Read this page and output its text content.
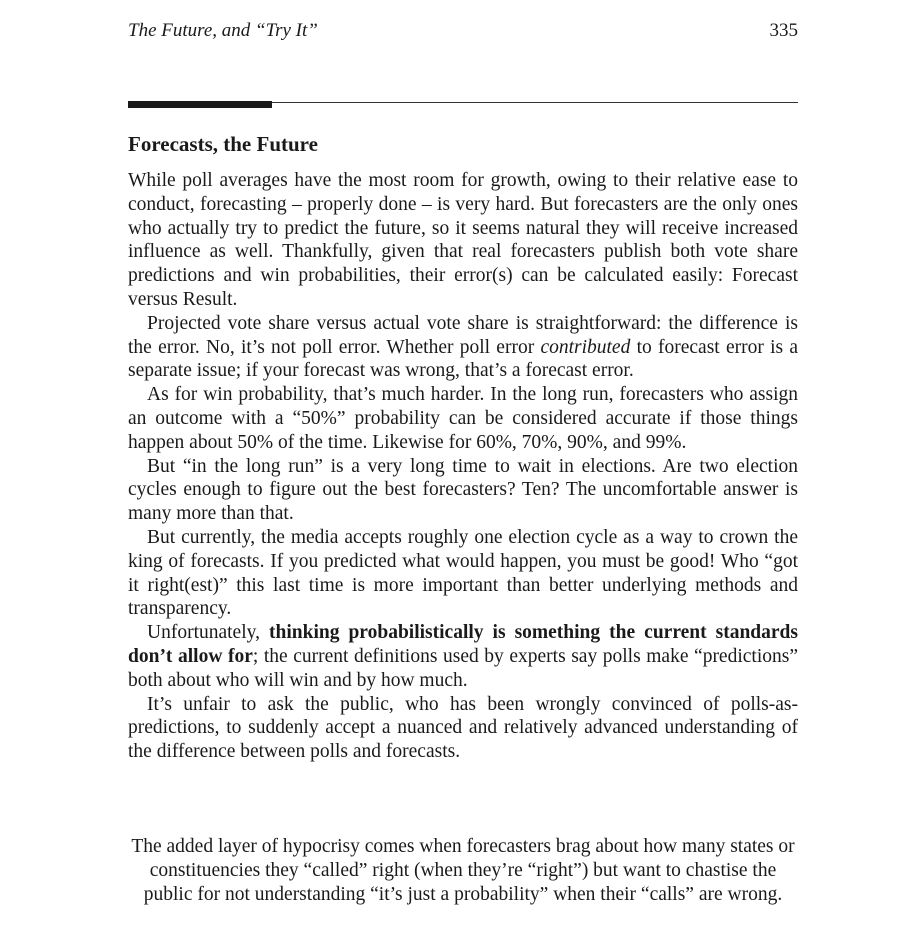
The Future, and “Try It”	335
Forecasts, the Future

While poll averages have the most room for growth, owing to their relative ease to conduct, forecasting – properly done – is very hard. But forecasters are the only ones who actually try to predict the future, so it seems natural they will receive increased influence as well. Thankfully, given that real forecasters publish both vote share predictions and win probabilities, their error(s) can be calculated easily: Forecast versus Result.

Projected vote share versus actual vote share is straightforward: the difference is the error. No, it’s not poll error. Whether poll error contributed to forecast error is a separate issue; if your forecast was wrong, that’s a forecast error.

As for win probability, that’s much harder. In the long run, forecasters who assign an outcome with a “50%” probability can be considered accurate if those things happen about 50% of the time. Likewise for 60%, 70%, 90%, and 99%.

But “in the long run” is a very long time to wait in elections. Are two election cycles enough to figure out the best forecasters? Ten? The uncomfortable answer is many more than that.

But currently, the media accepts roughly one election cycle as a way to crown the king of forecasts. If you predicted what would happen, you must be good! Who “got it right(est)” this last time is more important than better underlying methods and transparency.

Unfortunately, thinking probabilistically is something the current standards don’t allow for; the current definitions used by experts say polls make “predictions” both about who will win and by how much.

It’s unfair to ask the public, who has been wrongly convinced of polls-as-predictions, to suddenly accept a nuanced and relatively advanced understanding of the difference between polls and forecasts.

The added layer of hypocrisy comes when forecasters brag about how many states or constituencies they “called” right (when they’re “right”) but want to chastise the public for not understanding “it’s just a probability” when their “calls” are wrong.
